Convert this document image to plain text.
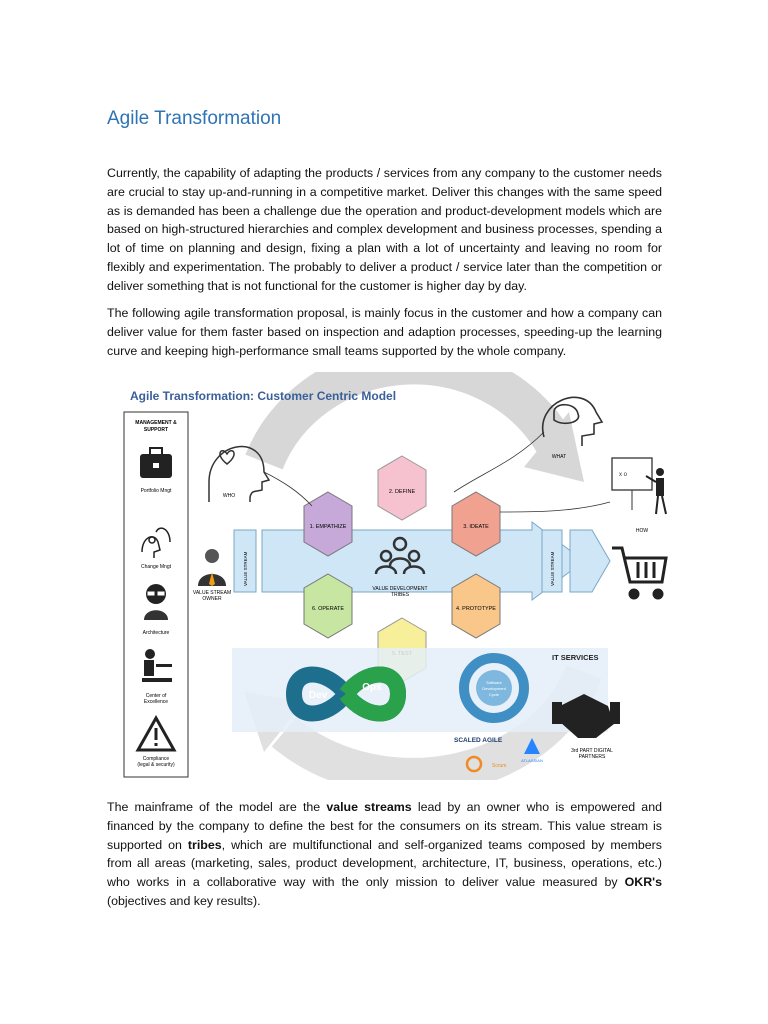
Agile Transformation
Currently, the capability of adapting the products / services from any company to the customer needs are crucial to stay up-and-running in a competitive market. Deliver this changes with the same speed as is demanded has been a challenge due the operation and product-development models which are based on high-structured hierarchies and complex development and business processes, spending a lot of time on planning and design, fixing a plan with a lot of uncertainty and leaving no room for flexibly and experimentation. The probably to deliver a product / service later than the competition or deliver something that is not functional for the customer is higher day by day.
The following agile transformation proposal, is mainly focus in the customer and how a company can deliver value for them faster based on inspection and adaption processes, speeding-up the learning curve and keeping high-performance small teams supported by the whole company.
Agile Transformation: Customer Centric Model
MANAGEMENT &
SUPPORT
Portfolio Mngt
Change Mngt
Architecture
Center of
Excellence
Compliance
(legal & security)
WHO
WHAT
x o
HOW
VALUE STREAM	VALUE STREAM
VALUE STREAM
OWNER
VALUE DEVELOPMENT
TRIBES
2. DEFINE
1. EMPATHIZE	3. IDEATE
6. OPERATE	4. PROTOTYPE
IT SERVICES
Dev
Ops	Software
Development
Cycle
3rd PART DIGITAL
PARTNERS
SCALED AGILE
ATLASSIAN
Scrum
The mainframe of the model are the value streams lead by an owner who is empowered and financed by the company to define the best for the consumers on its stream. This value stream is supported on tribes, which are multifunctional and self-organized teams composed by members from all areas (marketing, sales, product development, architecture, IT, business, operations, etc.) who works in a collaborative way with the only mission to deliver value measured by OKR's (objectives and key results).
